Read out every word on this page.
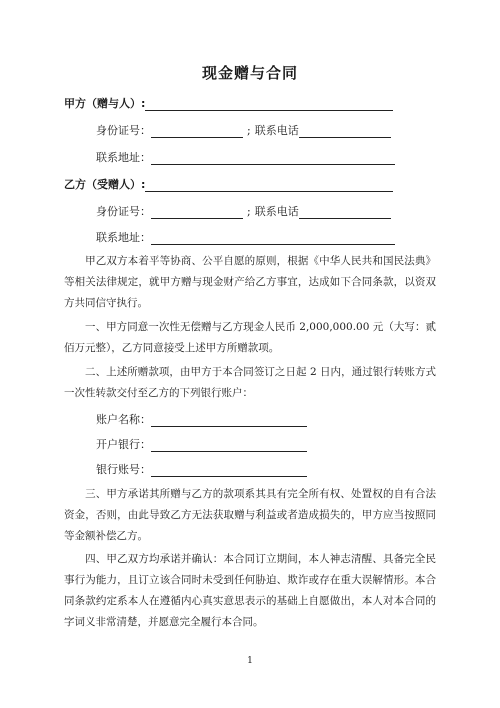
现金赠与合同
甲方（赠与人）:
身份证号：	; 联系电话
联系地址：
乙方（受赠人）:
身份证号：	; 联系电话
联系地址：
甲乙双方本着平等协商、公平自愿的原则，根据《中华人民共和国民法典》等相关法律规定，就甲方赠与现金财产给乙方事宜，达成如下合同条款，以资双方共同信守执行。
一、甲方同意一次性无偿赠与乙方现金人民币 2,000,000.00 元（大写：贰佰万元整），乙方同意接受上述甲方所赠款项。
二、上述所赠款项，由甲方于本合同签订之日起 2 日内，通过银行转账方式一次性转款交付至乙方的下列银行账户：
账户名称：
开户银行：
银行账号：
三、甲方承诺其所赠与乙方的款项系其具有完全所有权、处置权的自有合法资金，否则，由此导致乙方无法获取赠与利益或者造成损失的，甲方应当按照同等金额补偿乙方。
四、甲乙双方均承诺并确认：本合同订立期间，本人神志清醒、具备完全民事行为能力，且订立该合同时未受到任何胁迫、欺诈或存在重大误解情形。本合同条款约定系本人在遵循内心真实意思表示的基础上自愿做出，本人对本合同的字词义非常清楚，并愿意完全履行本合同。
1
